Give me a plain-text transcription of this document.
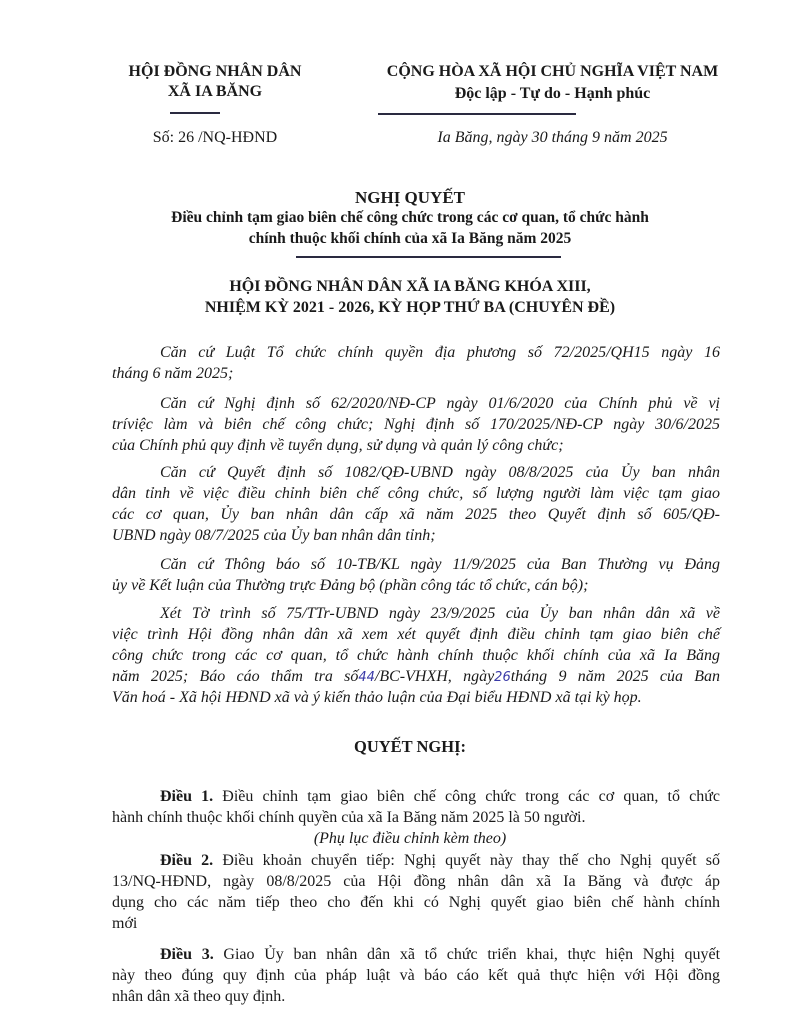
HỘI ĐỒNG NHÂN DÂN
XÃ IA BĂNG
Số: 26 /NQ-HĐND
CỘNG HÒA XÃ HỘI CHỦ NGHĨA VIỆT NAM
Độc lập - Tự do - Hạnh phúc
Ia Băng, ngày 30 tháng 9 năm 2025
NGHỊ QUYẾT
Điều chỉnh tạm giao biên chế công chức trong các cơ quan, tổ chức hành
chính thuộc khối chính của xã Ia Băng năm 2025
HỘI ĐỒNG NHÂN DÂN XÃ IA BĂNG KHÓA XIII,
NHIỆM KỲ 2021 - 2026, KỲ HỌP THỨ BA (CHUYÊN ĐỀ)
Căn cứ Luật Tổ chức chính quyền địa phương số 72/2025/QH15 ngày 16
tháng 6 năm 2025;
Căn cứ Nghị định số 62/2020/NĐ-CP ngày 01/6/2020 của Chính phủ về vị
tríviệc làm và biên chế công chức; Nghị định số 170/2025/NĐ-CP ngày 30/6/2025
của Chính phủ quy định về tuyển dụng, sử dụng và quản lý công chức;
Căn cứ Quyết định số 1082/QĐ-UBND ngày 08/8/2025 của Ủy ban nhân
dân tỉnh về việc điều chỉnh biên chế công chức, số lượng người làm việc tạm giao
các cơ quan, Ủy ban nhân dân cấp xã năm 2025 theo Quyết định số 605/QĐ-
UBND ngày 08/7/2025 của Ủy ban nhân dân tỉnh;
Căn cứ Thông báo số 10-TB/KL ngày 11/9/2025 của Ban Thường vụ Đảng
ủy về Kết luận của Thường trực Đảng bộ (phần công tác tổ chức, cán bộ);
Xét Tờ trình số 75/TTr-UBND ngày 23/9/2025 của Ủy ban nhân dân xã về
việc trình Hội đồng nhân dân xã xem xét quyết định điều chỉnh tạm giao biên chế
công chức trong các cơ quan, tổ chức hành chính thuộc khối chính của xã Ia Băng
năm 2025; Báo cáo thẩm tra số44/BC-VHXH, ngày26tháng 9 năm 2025 của Ban
Văn hoá - Xã hội HĐND xã và ý kiến thảo luận của Đại biểu HĐND xã tại kỳ họp.
QUYẾT NGHỊ:
Điều 1. Điều chỉnh tạm giao biên chế công chức trong các cơ quan, tổ chức
hành chính thuộc khối chính quyền của xã Ia Băng năm 2025 là 50 người.
(Phụ lục điều chỉnh kèm theo)
Điều 2. Điều khoản chuyển tiếp: Nghị quyết này thay thế cho Nghị quyết số
13/NQ-HĐND, ngày 08/8/2025 của Hội đồng nhân dân xã Ia Băng và được áp
dụng cho các năm tiếp theo cho đến khi có Nghị quyết giao biên chế hành chính
mới
Điều 3. Giao Ủy ban nhân dân xã tổ chức triển khai, thực hiện Nghị quyết
này theo đúng quy định của pháp luật và báo cáo kết quả thực hiện với Hội đồng
nhân dân xã theo quy định.
